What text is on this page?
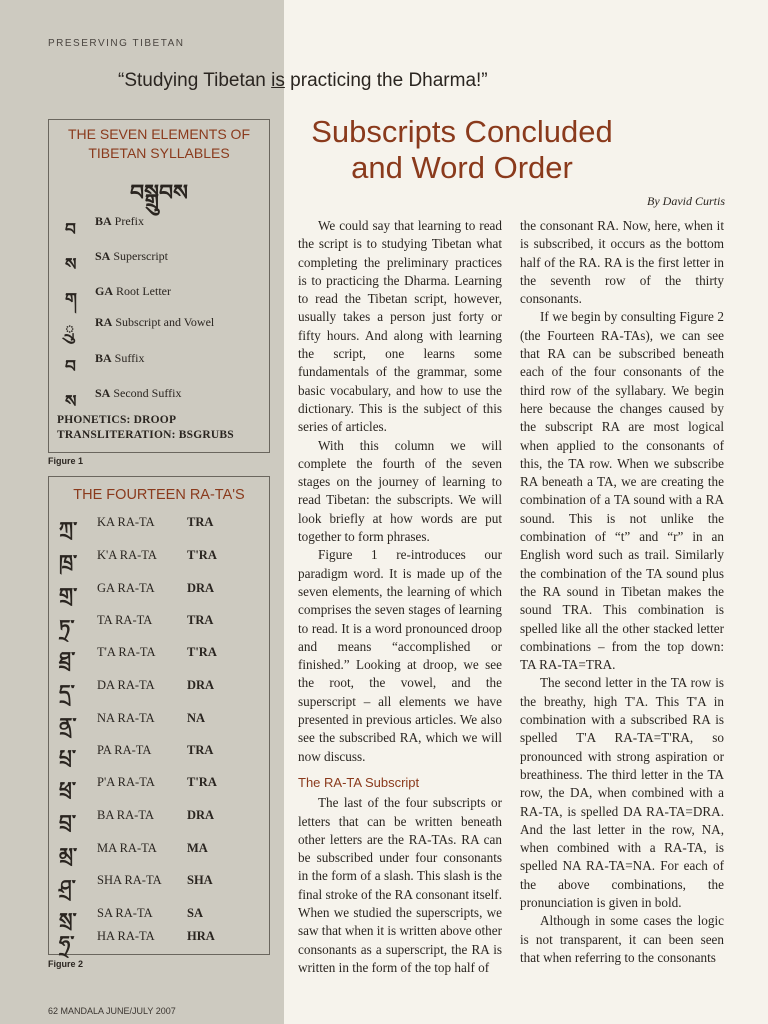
PRESERVING TIBETAN
“Studying Tibetan is practicing the Dharma!”
THE SEVEN ELEMENTS OF TIBETAN SYLLABLES
བསྒྲུབས
བ BA Prefix
ས SA Superscript
ག GA Root Letter
ྲུ RA Subscript and Vowel
བ BA Suffix
ས SA Second Suffix
PHONETICS: DROOP
TRANSLITERATION: BSGRUBS
Figure 1
THE FOURTEEN RA-TA'S
ཀྲ་ KA RA-TA	TRA
ཁྲ་ K'A RA-TA T'RA
གྲ་ GA RA-TA	DRA
ཏྲ་ TA RA-TA	TRA
ཐྲ་ T'A RA-TA	T'RA
དྲ་ DA RA-TA	DRA
ནྲ་ NA RA-TA	NA
པྲ་ PA RA-TA	TRA
ཕྲ་ P'A RA-TA	T'RA
བྲ་ BA RA-TA	DRA
མྲ་ MA RA-TA MA
ཤྲ་ SHA RA-TA SHA
སྲ་ SA RA-TA	SA
ཧྲ་ HA RA-TA	HRA
Figure 2
62 MANDALA JUNE/JULY 2007
Subscripts Concluded
and Word Order
By David Curtis

We could say that learning to read the script is to studying Tibetan what completing the preliminary practices is to practicing the Dharma. Learning to read the Tibetan script, however, usually takes a person just forty or fifty hours. And along with learning the script, one learns some fundamentals of the grammar, some basic vocabulary, and how to use the dictionary. This is the subject of this series of articles.

With this column we will complete the fourth of the seven stages on the journey of learning to read Tibetan: the subscripts. We will look briefly at how words are put together to form phrases.

Figure 1 re-introduces our paradigm word. It is made up of the seven elements, the learning of which comprises the seven stages of learning to read. It is a word pronounced droop and means “accomplished or finished.” Looking at droop, we see the root, the vowel, and the superscript – all elements we have presented in previous articles. We also see the subscribed RA, which we will now discuss.

The RA-TA Subscript

The last of the four subscripts or letters that can be written beneath other letters are the RA-TAs. RA can be subscribed under four consonants in the form of a slash. This slash is the final stroke of the RA consonant itself. When we studied the superscripts, we saw that when it is written above other consonants as a superscript, the RA is written in the form of the top half of

the consonant RA. Now, here, when it is subscribed, it occurs as the bottom half of the RA. RA is the first letter in the seventh row of the thirty consonants.

If we begin by consulting Figure 2 (the Fourteen RA-TAs), we can see that RA can be subscribed beneath each of the four consonants of the third row of the syllabary. We begin here because the changes caused by the subscript RA are most logical when applied to the consonants of this, the TA row. When we subscribe RA beneath a TA, we are creating the combination of a TA sound with a RA sound. This is not unlike the combination of “t” and “r” in an English word such as trail. Similarly the combination of the TA sound plus the RA sound in Tibetan makes the sound TRA. This combination is spelled like all the other stacked letter combinations – from the top down: TA RA-TA=TRA.

The second letter in the TA row is the breathy, high T'A. This T'A in combination with a subscribed RA is spelled T'A RA-TA=T'RA, so pronounced with strong aspiration or breathiness. The third letter in the TA row, the DA, when combined with a RA-TA, is spelled DA RA-TA=DRA. And the last letter in the row, NA, when combined with a RA-TA, is spelled NA RA-TA=NA. For each of the above combinations, the pronunciation is given in bold.

Although in some cases the logic is not transparent, it can been seen that when referring to the consonants
